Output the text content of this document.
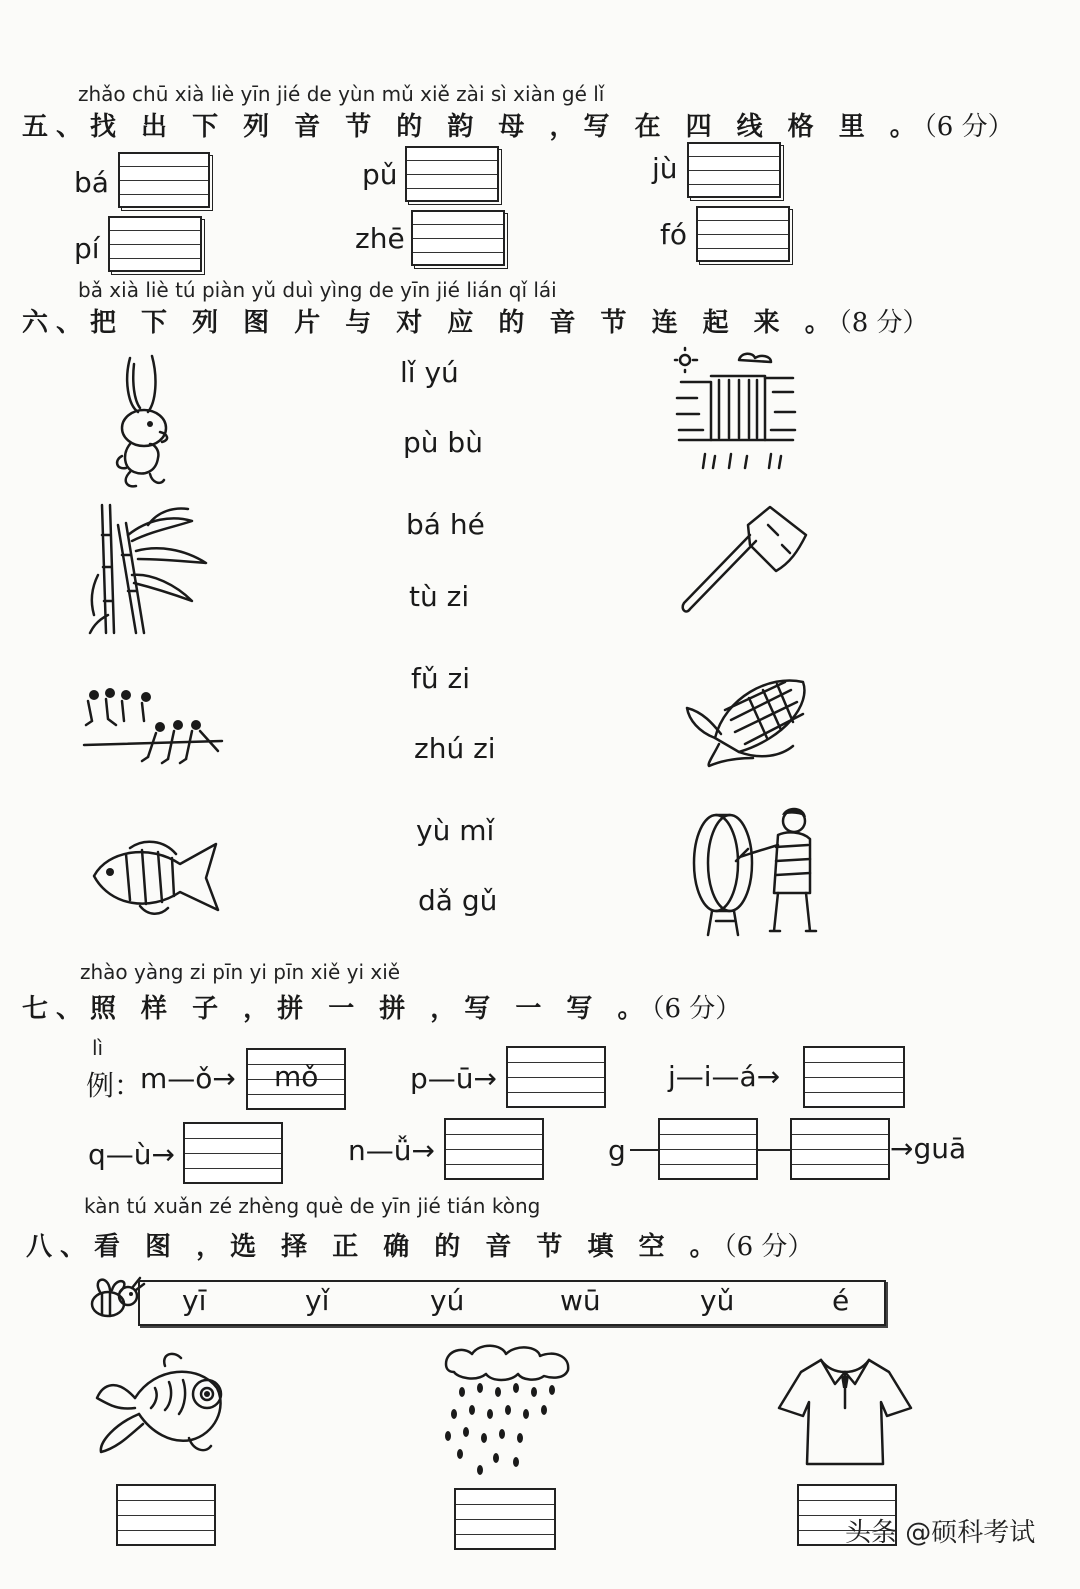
zhǎo chū xià liè yīn jié de yùn mǔ xiě zài sì xiàn gé lǐ
五、找 出 下 列 音 节 的 韵 母 ，写 在 四 线 格 里 。（6 分）
bá	pǔ	jù
pí	zhē	fó
bǎ xià liè tú piàn yǔ duì yìng de yīn jié lián qǐ lái
六、把 下 列 图 片 与 对 应 的 音 节 连 起 来 。（8 分）
lǐ yú
pù bù
bá hé
tù zi
fǔ zi
zhú zi
yù mǐ
dǎ gǔ
zhào yàng zi pīn yi pīn xiě yi xiě
七、照 样 子 ，拼 一 拼 ，写 一 写 。（6 分）
lì
例：
m—ǒ→ mǒ	p—ū→	j—i—á→
q—ù→	n—ǚ→	g	→guā
kàn tú xuǎn zé zhèng què de yīn jié tián kòng
八、看 图 ，选 择 正 确 的 音 节 填 空 。（6 分）
yī	yǐ	yú	wū	yǔ	é
头条 @硕科考试
